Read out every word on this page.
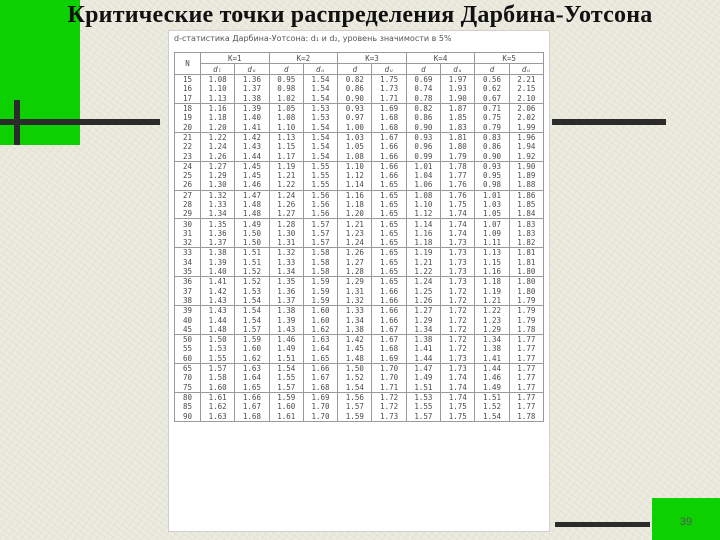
Критические точки распределения Дарбина-Уотсона
d-статистика Дарбина-Уотсона: d₁ и d₂, уровень значимости в 5%
N	K=1		K=2		K=3		K=4		K=5	
	dₗ	dᵤ	d	dᵤ	d	dᵤ	d	dᵤ	d	dᵤ
15	1.08	1.36	0.95	1.54	0.82	1.75	0.69	1.97	0.56	2.21
16	1.10	1.37	0.98	1.54	0.86	1.73	0.74	1.93	0.62	2.15
17	1.13	1.38	1.02	1.54	0.90	1.71	0.78	1.90	0.67	2.10
18	1.16	1.39	1.05	1.53	0.93	1.69	0.82	1.87	0.71	2.06
19	1.18	1.40	1.08	1.53	0.97	1.68	0.86	1.85	0.75	2.02
20	1.20	1.41	1.10	1.54	1.00	1.68	0.90	1.83	0.79	1.99
21	1.22	1.42	1.13	1.54	1.03	1.67	0.93	1.81	0.83	1.96
22	1.24	1.43	1.15	1.54	1.05	1.66	0.96	1.80	0.86	1.94
23	1.26	1.44	1.17	1.54	1.08	1.66	0.99	1.79	0.90	1.92
24	1.27	1.45	1.19	1.55	1.10	1.66	1.01	1.78	0.93	1.90
25	1.29	1.45	1.21	1.55	1.12	1.66	1.04	1.77	0.95	1.89
26	1.30	1.46	1.22	1.55	1.14	1.65	1.06	1.76	0.98	1.88
27	1.32	1.47	1.24	1.56	1.16	1.65	1.08	1.76	1.01	1.86
28	1.33	1.48	1.26	1.56	1.18	1.65	1.10	1.75	1.03	1.85
29	1.34	1.48	1.27	1.56	1.20	1.65	1.12	1.74	1.05	1.84
30	1.35	1.49	1.28	1.57	1.21	1.65	1.14	1.74	1.07	1.83
31	1.36	1.50	1.30	1.57	1.23	1.65	1.16	1.74	1.09	1.83
32	1.37	1.50	1.31	1.57	1.24	1.65	1.18	1.73	1.11	1.82
33	1.38	1.51	1.32	1.58	1.26	1.65	1.19	1.73	1.13	1.81
34	1.39	1.51	1.33	1.58	1.27	1.65	1.21	1.73	1.15	1.81
35	1.40	1.52	1.34	1.58	1.28	1.65	1.22	1.73	1.16	1.80
36	1.41	1.52	1.35	1.59	1.29	1.65	1.24	1.73	1.18	1.80
37	1.42	1.53	1.36	1.59	1.31	1.66	1.25	1.72	1.19	1.80
38	1.43	1.54	1.37	1.59	1.32	1.66	1.26	1.72	1.21	1.79
39	1.43	1.54	1.38	1.60	1.33	1.66	1.27	1.72	1.22	1.79
40	1.44	1.54	1.39	1.60	1.34	1.66	1.29	1.72	1.23	1.79
45	1.48	1.57	1.43	1.62	1.38	1.67	1.34	1.72	1.29	1.78
50	1.50	1.59	1.46	1.63	1.42	1.67	1.38	1.72	1.34	1.77
55	1.53	1.60	1.49	1.64	1.45	1.68	1.41	1.72	1.38	1.77
60	1.55	1.62	1.51	1.65	1.48	1.69	1.44	1.73	1.41	1.77
65	1.57	1.63	1.54	1.66	1.50	1.70	1.47	1.73	1.44	1.77
70	1.58	1.64	1.55	1.67	1.52	1.70	1.49	1.74	1.46	1.77
75	1.60	1.65	1.57	1.68	1.54	1.71	1.51	1.74	1.49	1.77
80	1.61	1.66	1.59	1.69	1.56	1.72	1.53	1.74	1.51	1.77
85	1.62	1.67	1.60	1.70	1.57	1.72	1.55	1.75	1.52	1.77
90	1.63	1.68	1.61	1.70	1.59	1.73	1.57	1.75	1.54	1.78
39
